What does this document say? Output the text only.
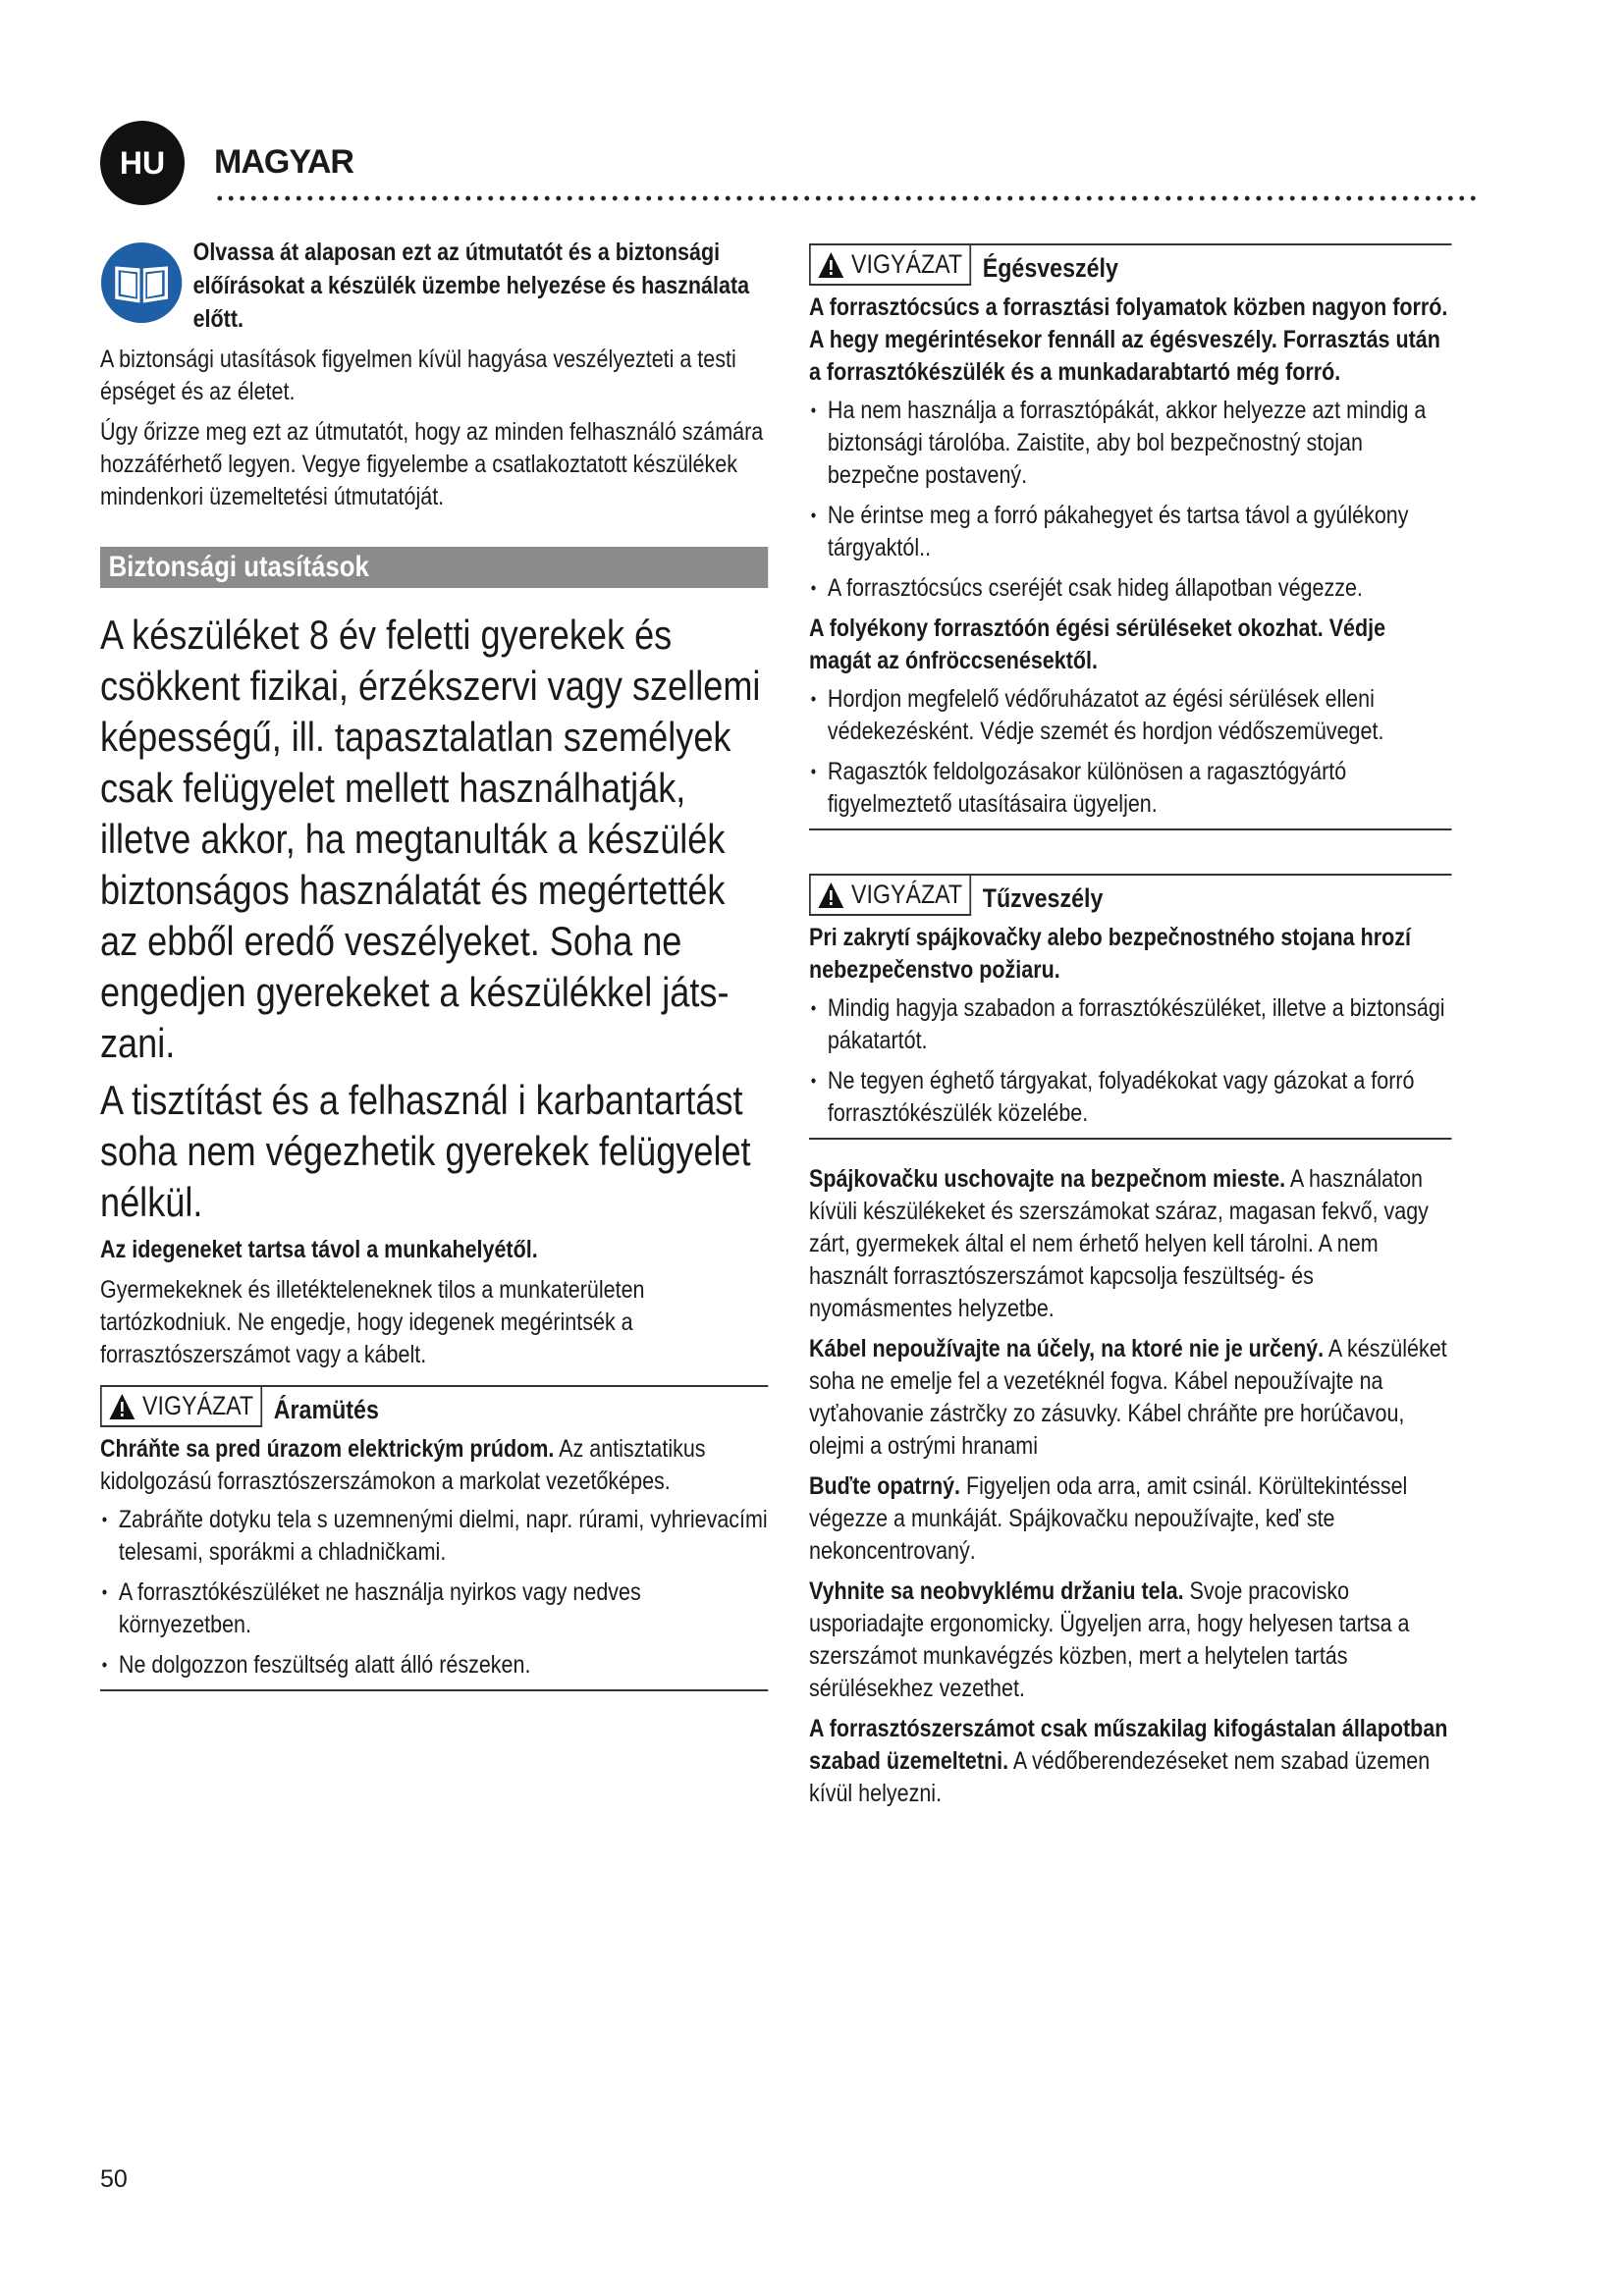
HU	MAGYAR

Olvassa át alaposan ezt az útmutatót és a biztonsági előírásokat a készülék üzembe helyezése és használata előtt.

A biztonsági utasítások figyelmen kívül hagyása veszélyezteti a testi épséget és az életet.

Úgy őrizze meg ezt az útmutatót, hogy az minden felhasználó számára hozzáférhető legyen. Vegye figyelembe a csatlakoztatott készülékek mindenkori üzemeltetési útmutatóját.

Biztonsági utasítások

A készüléket 8 év feletti gyerekek és csökkent fizikai, érzékszervi vagy szellemi képességű, ill. tapasztalatlan személyek csak felügyelet mellett használhatják, illetve akkor, ha megtanulták a készülék biztonságos használatát és megértették az ebből eredő veszélyeket. Soha ne engedjen gyerekeket a készülékkel játs-zani.

A tisztítást és a felhasznál i karbantartást soha nem végezhetik gyerekek felügyelet nélkül.

Az idegeneket tartsa távol a munkahelyétől.

Gyermekeknek és illetékteleneknek tilos a munkaterületen tartózkodniuk. Ne engedje, hogy idegenek megérintsék a forrasztószerszámot vagy a kábelt.

VIGYÁZAT Áramütés

Chráňte sa pred úrazom elektrickým prúdom. Az antisztatikus kidolgozású forrasztószerszámokon a markolat vezetőképes.

• Zabráňte dotyku tela s uzemnenými dielmi, napr. rúrami, vyhrievacími telesami, sporákmi a chladničkami.
• A forrasztókészüléket ne használja nyirkos vagy nedves környezetben.
• Ne dolgozzon feszültség alatt álló részeken.
VIGYÁZAT Égésveszély

A forrasztócsúcs a forrasztási folyamatok közben nagyon forró. A hegy megérintésekor fennáll az égésveszély. Forrasztás után a forrasztókészülék és a munkadarabtartó még forró.

• Ha nem használja a forrasztópákát, akkor helyezze azt mindig a biztonsági tárolóba. Zaistite, aby bol bezpečnostný stojan bezpečne postavený.
• Ne érintse meg a forró pákahegyet és tartsa távol a gyúlékony tárgyaktól..
• A forrasztócsúcs cseréjét csak hideg állapotban végezze.

A folyékony forrasztóón égési sérüléseket okozhat. Védje magát az ónfröccsenésektől.

• Hordjon megfelelő védőruházatot az égési sérülések elleni védekezésként. Védje szemét és hordjon védőszemüveget.
• Ragasztók feldolgozásakor különösen a ragasztógyártó figyelmeztető utasításaira ügyeljen.
VIGYÁZAT Tűzveszély

Pri zakrytí spájkovačky alebo bezpečnostného stojana hrozí nebezpečenstvo požiaru.

• Mindig hagyja szabadon a forrasztókészüléket, illetve a biztonsági pákatartót.
• Ne tegyen éghető tárgyakat, folyadékokat vagy gázokat a forró forrasztókészülék közelébe.

Spájkovačku uschovajte na bezpečnom mieste. A használaton kívüli készülékeket és szerszámokat száraz, magasan fekvő, vagy zárt, gyermekek által el nem érhető helyen kell tárolni. A nem használt forrasztószerszámot kapcsolja feszültség- és nyomásmentes helyzetbe.

Kábel nepoužívajte na účely, na ktoré nie je určený. A készüléket soha ne emelje fel a vezetéknél fogva. Kábel nepoužívajte na vyťahovanie zástrčky zo zásuvky. Kábel chráňte pre horúčavou, olejmi a ostrými hranami

Buďte opatrný. Figyeljen oda arra, amit csinál. Körültekintéssel végezze a munkáját. Spájkovačku nepoužívajte, keď ste nekoncentrovaný.

Vyhnite sa neobvyklému držaniu tela. Svoje pracovisko usporiadajte ergonomicky. Ügyeljen arra, hogy helyesen tartsa a szerszámot munkavégzés közben, mert a helytelen tartás sérülésekhez vezethet.

A forrasztószerszámot csak műszakilag kifogástalan állapotban szabad üzemeltetni. A védőberendezéseket nem szabad üzemen kívül helyezni.

50
